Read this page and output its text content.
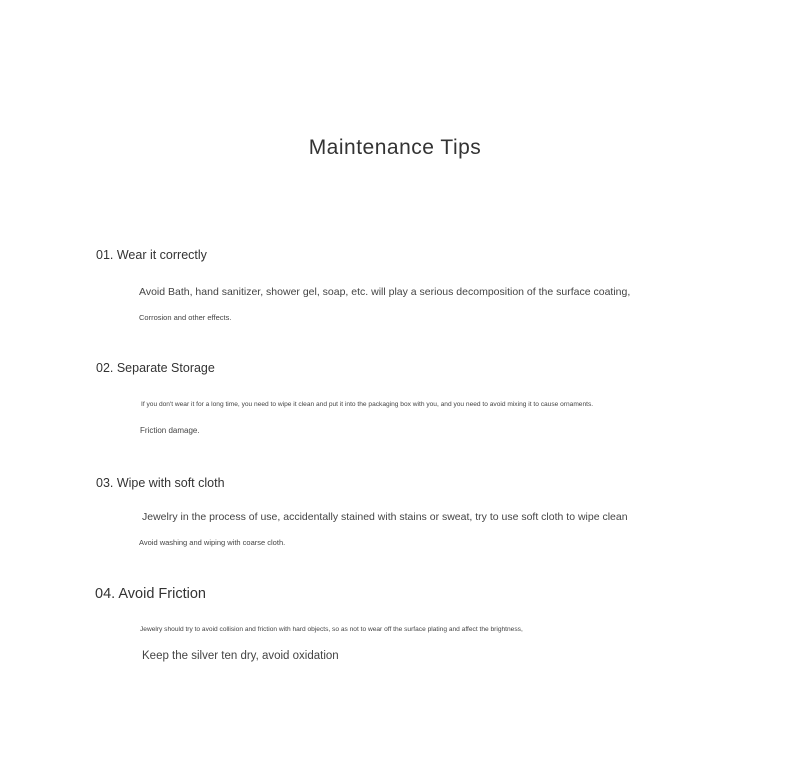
Maintenance Tips
01. Wear it correctly
Avoid Bath, hand sanitizer, shower gel, soap, etc. will play a serious decomposition of the surface coating,
Corrosion and other effects.
02. Separate Storage
If you don't wear it for a long time, you need to wipe it clean and put it into the packaging box with you, and you need to avoid mixing it to cause ornaments.
Friction damage.
03. Wipe with soft cloth
Jewelry in the process of use, accidentally stained with stains or sweat, try to use soft cloth to wipe clean
Avoid washing and wiping with coarse cloth.
04. Avoid Friction
Jewelry should try to avoid collision and friction with hard objects, so as not to wear off the surface plating and affect the brightness,
Keep the silver ten dry, avoid oxidation
